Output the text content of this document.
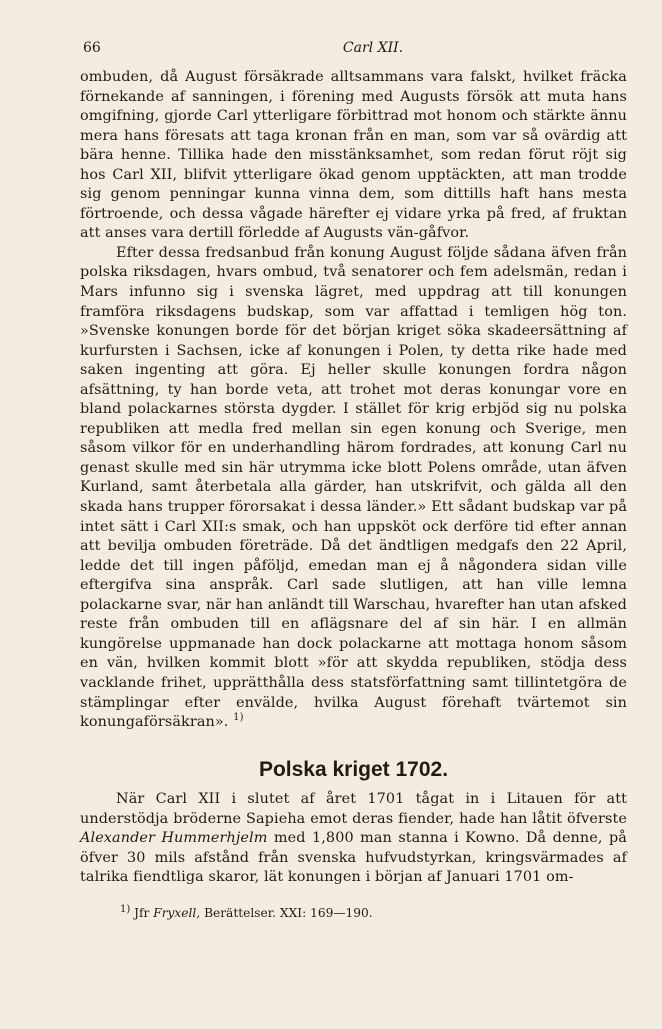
66	Carl XII.

ombuden, då August försäkrade alltsammans vara falskt, hvilket fräcka förnekande af sanningen, i förening med Augusts försök att muta hans omgifning, gjorde Carl ytterligare förbittrad mot honom och stärkte ännu mera hans föresats att taga kronan från en man, som var så ovärdig att bära henne. Tillika hade den misstänksamhet, som redan förut röjt sig hos Carl XII, blifvit ytterligare ökad genom upptäckten, att man trodde sig genom penningar kunna vinna dem, som dittills haft hans mesta förtroende, och dessa vågade härefter ej vidare yrka på fred, af fruktan att anses vara dertill förledde af Augusts vän-gåfvor.

Efter dessa fredsanbud från konung August följde sådana äfven från polska riksdagen, hvars ombud, två senatorer och fem adelsmän, redan i Mars infunno sig i svenska lägret, med uppdrag att till konungen framföra riksdagens budskap, som var affattad i temligen hög ton. »Svenske konungen borde för det början kriget söka skadeersättning af kurfursten i Sachsen, icke af konungen i Polen, ty detta rike hade med saken ingenting att göra. Ej heller skulle konungen fordra någon afsättning, ty han borde veta, att trohet mot deras konungar vore en bland polackarnes största dygder. I stället för krig erbjöd sig nu polska republiken att medla fred mellan sin egen konung och Sverige, men såsom vilkor för en underhandling härom fordrades, att konung Carl nu genast skulle med sin här utrymma icke blott Polens område, utan äfven Kurland, samt återbetala alla gärder, han utskrifvit, och gälda all den skada hans trupper förorsakat i dessa länder.» Ett sådant budskap var på intet sätt i Carl XII:s smak, och han uppsköt ock derföre tid efter annan att bevilja ombuden företräde. Då det ändtligen medgafs den 22 April, ledde det till ingen påföljd, emedan man ej å någondera sidan ville eftergifva sina anspråk. Carl sade slutligen, att han ville lemna polackarne svar, när han anländt till Warschau, hvarefter han utan afsked reste från ombuden till en aflägsnare del af sin här. I en allmän kungörelse uppmanade han dock polackarne att mottaga honom såsom en vän, hvilken kommit blott »för att skydda republiken, stödja dess vacklande frihet, upprätthålla dess statsförfattning samt tillintetgöra de stämplingar efter envälde, hvilka August förehaft tvärtemot sin konungaförsäkran». $^{1)}$

Polska kriget 1702.

När Carl XII i slutet af året 1701 tågat in i Litauen för att understödja bröderne Sapieha emot deras fiender, hade han låtit öfverste Alexander Hummerhjelm med 1,800 man stanna i Kowno. Då denne, på öfver 30 mils afstånd från svenska hufvudstyrkan, kringsvärmades af talrika fiendtliga skaror, lät konungen i början af Januari 1701 om-

$^{1)}$ Jfr Fryxell, Berättelser. XXI: 169—190.
